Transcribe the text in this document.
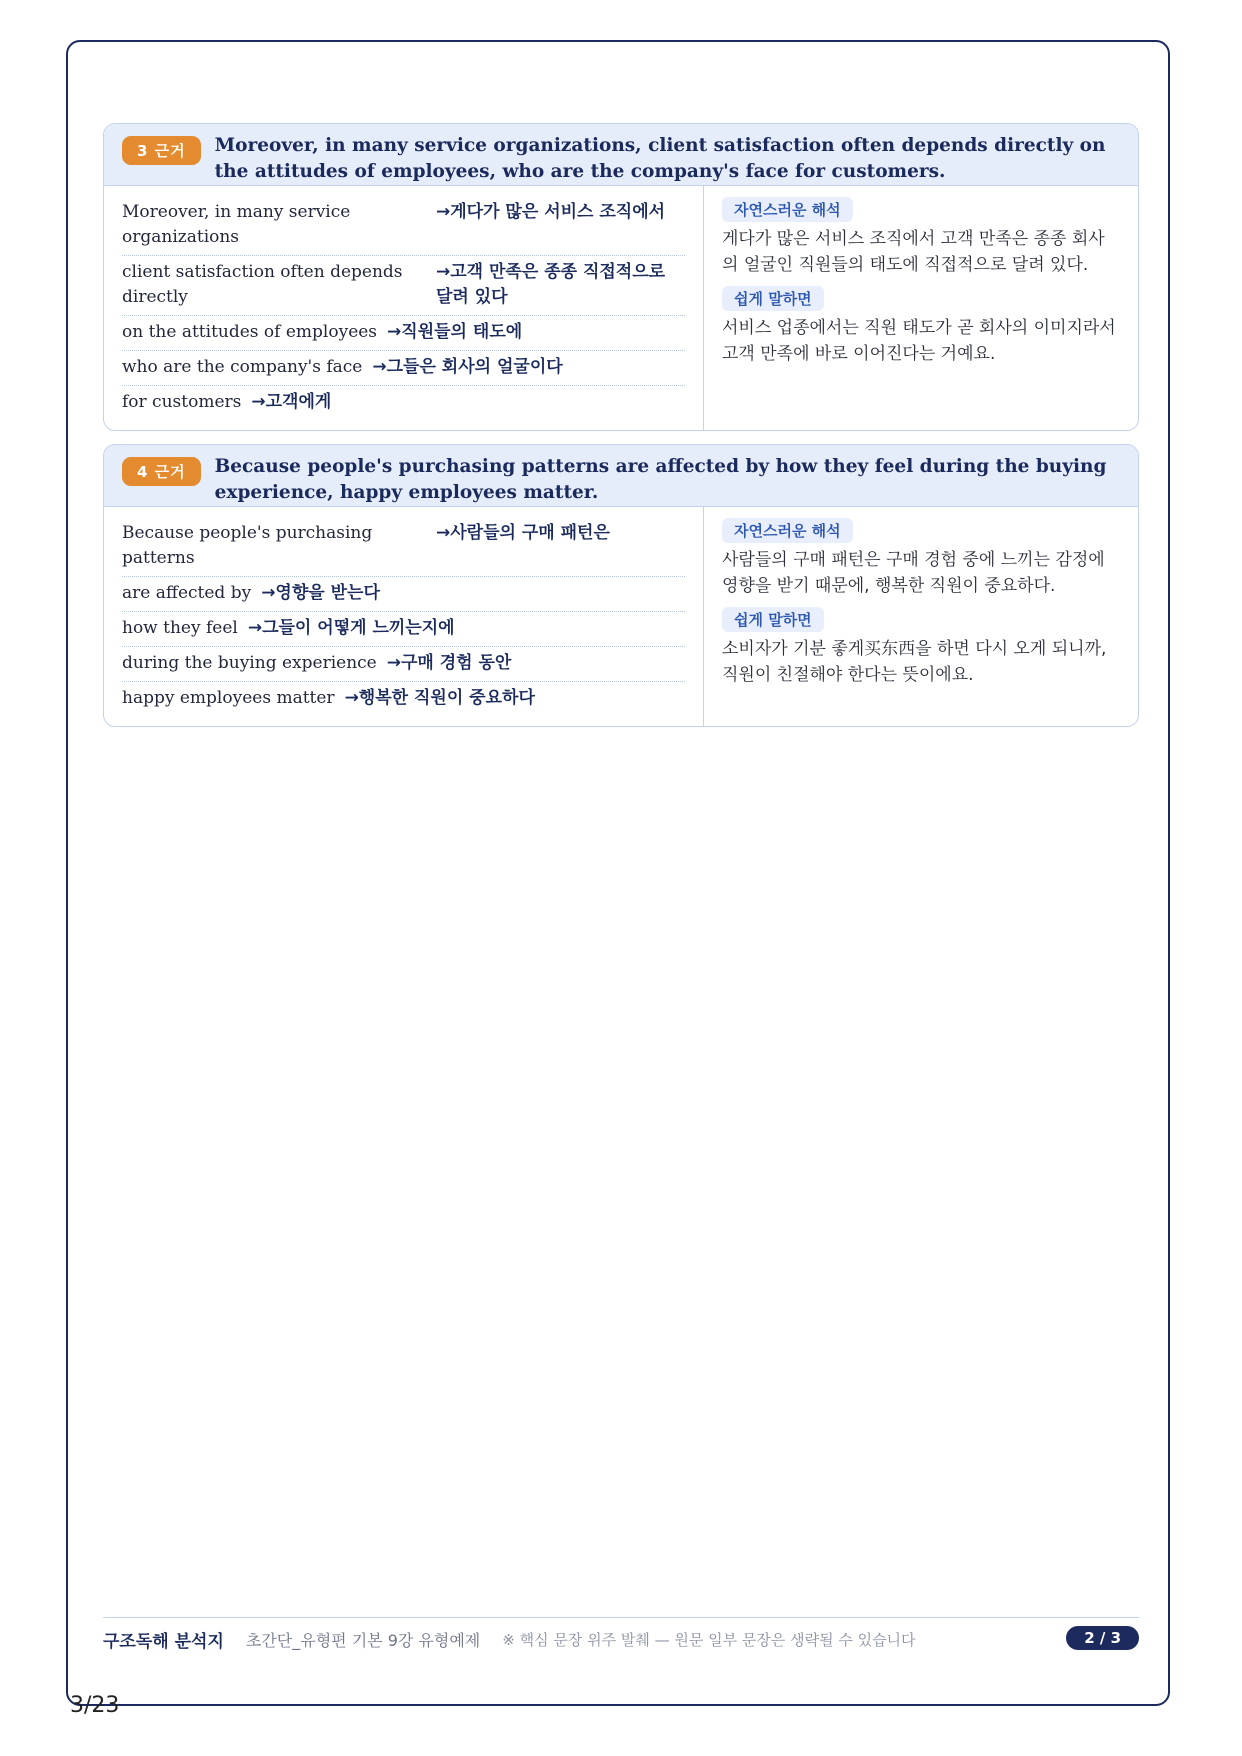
3 근거	Moreover, in many service organizations, client satisfaction often depends directly on the attitudes of employees, who are the company's face for customers.
Moreover, in many service organizations
→게다가 많은 서비스 조직에서
client satisfaction often depends directly
→고객 만족은 종종 직접적으로 달려 있다
on the attitudes of employees →직원들의 태도에
who are the company's face →그들은 회사의 얼굴이다
for customers →고객에게
자연스러운 해석

게다가 많은 서비스 조직에서 고객 만족은 종종 회사의 얼굴인 직원들의 태도에 직접적으로 달려 있다.

쉽게 말하면

서비스 업종에서는 직원 태도가 곧 회사의 이미지라서 고객 만족에 바로 이어진다는 거예요.

4 근거	Because people's purchasing patterns are affected by how they feel during the buying experience, happy employees matter.
Because people's purchasing patterns
→사람들의 구매 패턴은
are affected by →영향을 받는다
how they feel →그들이 어떻게 느끼는지에
during the buying experience →구매 경험 동안
happy employees matter →행복한 직원이 중요하다
자연스러운 해석

사람들의 구매 패턴은 구매 경험 중에 느끼는 감정에 영향을 받기 때문에, 행복한 직원이 중요하다.

쉽게 말하면

소비자가 기분 좋게买东西을 하면 다시 오게 되니까, 직원이 친절해야 한다는 뜻이에요.

구조독해 분석지 초간단_유형편 기본 9강 유형예제 ※ 핵심 문장 위주 발췌 — 원문 일부 문장은 생략될 수 있습니다	2 / 3
3/23
